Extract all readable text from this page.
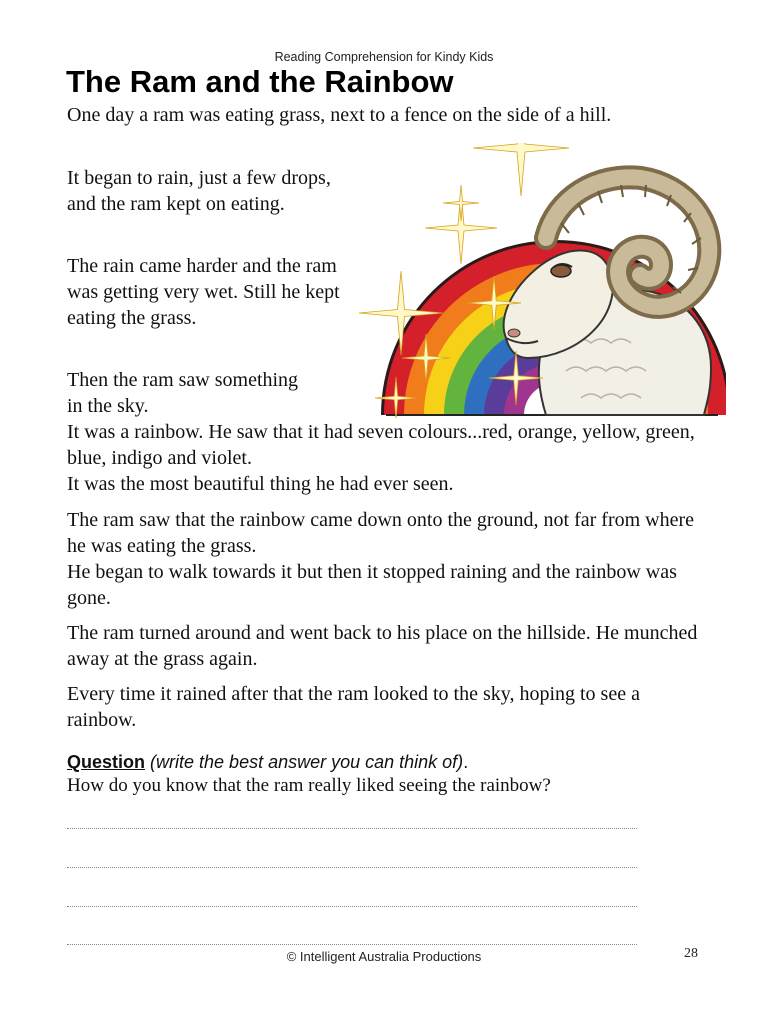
Reading Comprehension for Kindy Kids
The Ram and the Rainbow

One day a ram was eating grass, next to a fence on the side of a hill.

It began to rain, just a few drops, and the ram kept on eating.

The rain came harder and the ram was getting very wet. Still he kept eating the grass.

Then the ram saw something in the sky.

It was a rainbow. He saw that it had seven colours...red, orange, yellow, green, blue, indigo and violet.

It was the most beautiful thing he had ever seen.

The ram saw that the rainbow came down onto the ground, not far from where he was eating the grass.

He began to walk towards it but then it stopped raining and the rainbow was gone.

The ram turned around and went back to his place on the hillside. He munched away at the grass again.

Every time it rained after that the ram looked to the sky, hoping to see a rainbow.

Question (write the best answer you can think of).

How do you know that the ram really liked seeing the rainbow?

© Intelligent Australia Productions	28
